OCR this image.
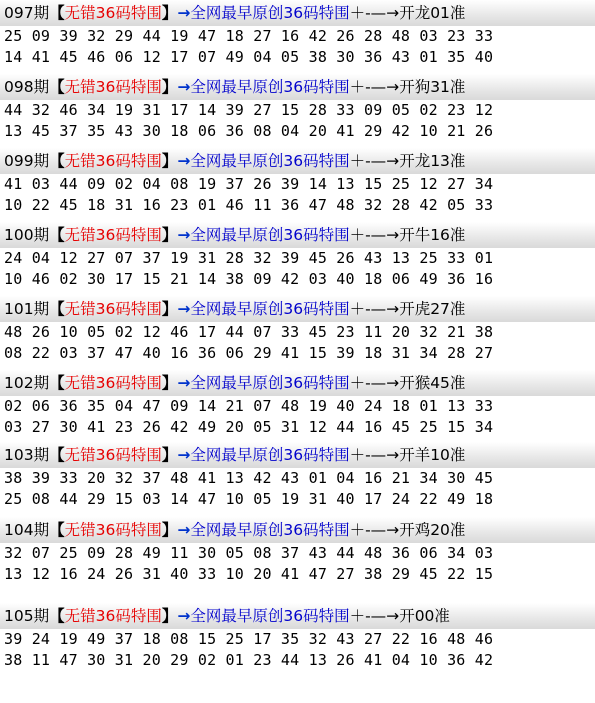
097期【无错36码特围】→全网最早原创36码特围＋-—→开龙01准
25 09 39 32 29 44 19 47 18 27 16 42 26 28 48 03 23 33
14 41 45 46 06 12 17 07 49 04 05 38 30 36 43 01 35 40
098期【无错36码特围】→全网最早原创36码特围＋-—→开狗31准
44 32 46 34 19 31 17 14 39 27 15 28 33 09 05 02 23 12
13 45 37 35 43 30 18 06 36 08 04 20 41 29 42 10 21 26
099期【无错36码特围】→全网最早原创36码特围＋-—→开龙13准
41 03 44 09 02 04 08 19 37 26 39 14 13 15 25 12 27 34
10 22 45 18 31 16 23 01 46 11 36 47 48 32 28 42 05 33
100期【无错36码特围】→全网最早原创36码特围＋-—→开牛16准
24 04 12 27 07 37 19 31 28 32 39 45 26 43 13 25 33 01
10 46 02 30 17 15 21 14 38 09 42 03 40 18 06 49 36 16
101期【无错36码特围】→全网最早原创36码特围＋-—→开虎27准
48 26 10 05 02 12 46 17 44 07 33 45 23 11 20 32 21 38
08 22 03 37 47 40 16 36 06 29 41 15 39 18 31 34 28 27
102期【无错36码特围】→全网最早原创36码特围＋-—→开猴45准
02 06 36 35 04 47 09 14 21 07 48 19 40 24 18 01 13 33
03 27 30 41 23 26 42 49 20 05 31 12 44 16 45 25 15 34
103期【无错36码特围】→全网最早原创36码特围＋-—→开羊10准
38 39 33 20 32 37 48 41 13 42 43 01 04 16 21 34 30 45
25 08 44 29 15 03 14 47 10 05 19 31 40 17 24 22 49 18
104期【无错36码特围】→全网最早原创36码特围＋-—→开鸡20准
32 07 25 09 28 49 11 30 05 08 37 43 44 48 36 06 34 03
13 12 16 24 26 31 40 33 10 20 41 47 27 38 29 45 22 15
105期【无错36码特围】→全网最早原创36码特围＋-—→开00准
39 24 19 49 37 18 08 15 25 17 35 32 43 27 22 16 48 46
38 11 47 30 31 20 29 02 01 23 44 13 26 41 04 10 36 42
